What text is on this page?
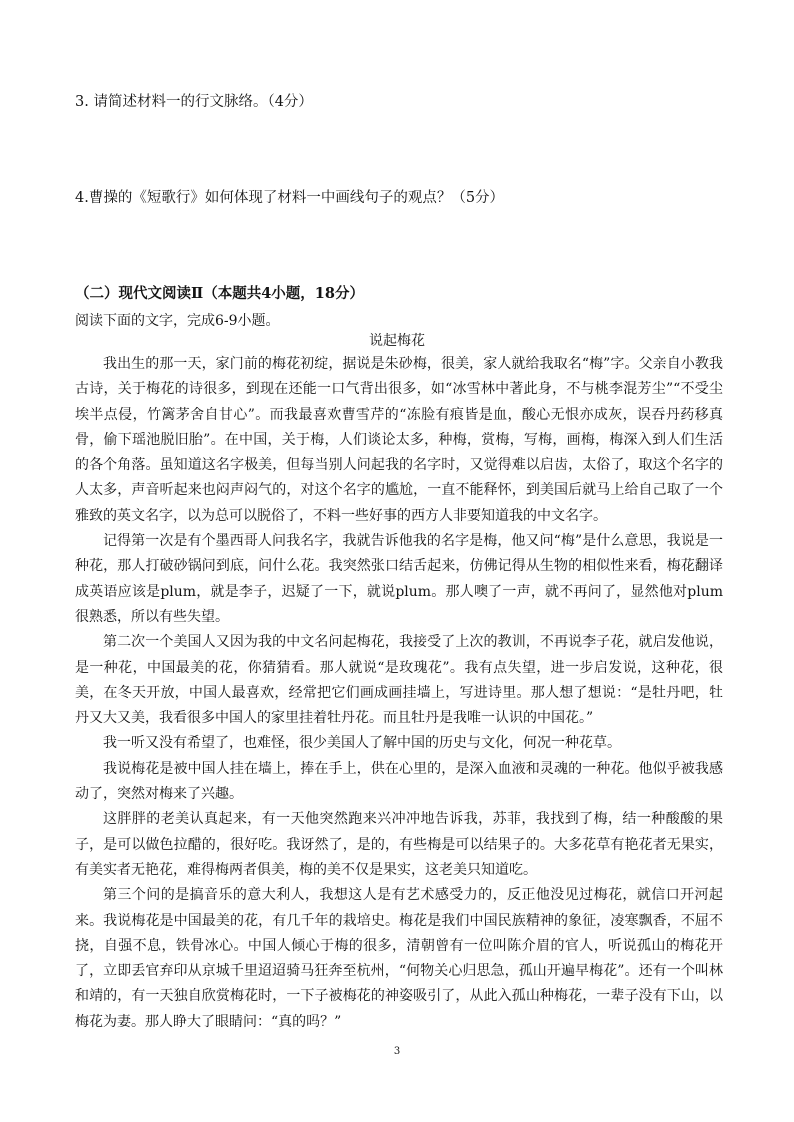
3. 请简述材料一的行文脉络。（4分）
4.曹操的《短歌行》如何体现了材料一中画线句子的观点？（5分）
（二）现代文阅读Ⅱ（本题共4小题，18分）
阅读下面的文字，完成6-9小题。
说起梅花

我出生的那一天，家门前的梅花初绽，据说是朱砂梅，很美，家人就给我取名“梅”字。父亲自小教我古诗，关于梅花的诗很多，到现在还能一口气背出很多，如“冰雪林中著此身，不与桃李混芳尘”“不受尘埃半点侵，竹篱茅舍自甘心”。而我最喜欢曹雪芹的“冻脸有痕皆是血，酸心无恨亦成灰，误吞丹药移真骨，偷下瑶池脱旧胎”。在中国，关于梅，人们谈论太多，种梅，赏梅，写梅，画梅，梅深入到人们生活的各个角落。虽知道这名字极美，但每当别人问起我的名字时，又觉得难以启齿，太俗了，取这个名字的人太多，声音听起来也闷声闷气的，对这个名字的尴尬，一直不能释怀，到美国后就马上给自己取了一个雅致的英文名字，以为总可以脱俗了，不料一些好事的西方人非要知道我的中文名字。

记得第一次是有个墨西哥人问我名字，我就告诉他我的名字是梅，他又问“梅”是什么意思，我说是一种花，那人打破砂锅问到底，问什么花。我突然张口结舌起来，仿佛记得从生物的相似性来看，梅花翻译成英语应该是plum，就是李子，迟疑了一下，就说plum。那人噢了一声，就不再问了，显然他对plum很熟悉，所以有些失望。

第二次一个美国人又因为我的中文名问起梅花，我接受了上次的教训，不再说李子花，就启发他说，是一种花，中国最美的花，你猜猜看。那人就说“是玫瑰花”。我有点失望，进一步启发说，这种花，很美，在冬天开放，中国人最喜欢，经常把它们画成画挂墙上，写进诗里。那人想了想说：“是牡丹吧，牡丹又大又美，我看很多中国人的家里挂着牡丹花。而且牡丹是我唯一认识的中国花。”

我一听又没有希望了，也难怪，很少美国人了解中国的历史与文化，何况一种花草。

我说梅花是被中国人挂在墙上，捧在手上，供在心里的，是深入血液和灵魂的一种花。他似乎被我感动了，突然对梅来了兴趣。

这胖胖的老美认真起来，有一天他突然跑来兴冲冲地告诉我，苏菲，我找到了梅，结一种酸酸的果子，是可以做色拉醋的，很好吃。我讶然了，是的，有些梅是可以结果子的。大多花草有艳花者无果实，有美实者无艳花，难得梅两者俱美，梅的美不仅是果实，这老美只知道吃。

第三个问的是搞音乐的意大利人，我想这人是有艺术感受力的，反正他没见过梅花，就信口开河起来。我说梅花是中国最美的花，有几千年的栽培史。梅花是我们中国民族精神的象征，凌寒飘香，不屈不挠，自强不息，铁骨冰心。中国人倾心于梅的很多，清朝曾有一位叫陈介眉的官人，听说孤山的梅花开了，立即丢官弃印从京城千里迢迢骑马狂奔至杭州，“何物关心归思急，孤山开遍早梅花”。还有一个叫林和靖的，有一天独自欣赏梅花时，一下子被梅花的神姿吸引了，从此入孤山种梅花，一辈子没有下山，以梅花为妻。那人睁大了眼睛问：“真的吗？”

3
